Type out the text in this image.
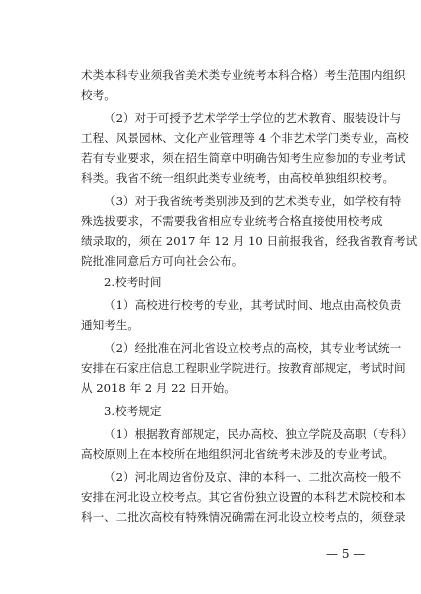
术类本科专业须我省美术类专业统考本科合格）考生范围内组织
校考。
（2）对于可授予艺术学学士学位的艺术教育、服装设计与
工程、风景园林、文化产业管理等 4 个非艺术学门类专业，高校
若有专业要求，须在招生简章中明确告知考生应参加的专业考试
科类。我省不统一组织此类专业统考，由高校单独组织校考。
（3）对于我省统考类别涉及到的艺术类专业，如学校有特
殊选拔要求，不需要我省相应专业统考合格直接使用校考成
绩录取的，须在 2017 年 12 月 10 日前报我省，经我省教育考试
院批准同意后方可向社会公布。
2.校考时间
（1）高校进行校考的专业，其考试时间、地点由高校负责
通知考生。
（2）经批准在河北省设立校考点的高校，其专业考试统一
安排在石家庄信息工程职业学院进行。按教育部规定，考试时间
从 2018 年 2 月 22 日开始。
3.校考规定
（1）根据教育部规定，民办高校、独立学院及高职（专科）
高校原则上在本校所在地组织河北省统考未涉及的专业考试。
（2）河北周边省份及京、津的本科一、二批次高校一般不
安排在河北设立校考点。其它省份独立设置的本科艺术院校和本
科一、二批次高校有特殊情况确需在河北设立校考点的，须登录
— 5 —
